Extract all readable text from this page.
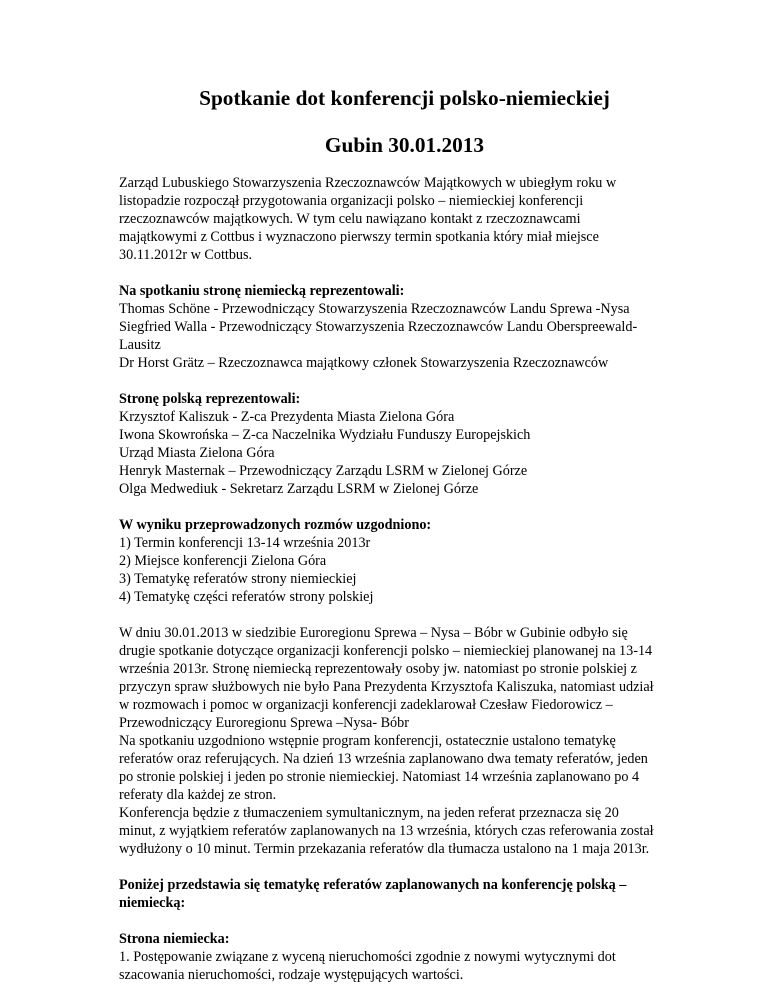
Spotkanie dot konferencji polsko-niemieckiej
Gubin 30.01.2013

Zarząd Lubuskiego Stowarzyszenia Rzeczoznawców Majątkowych w ubiegłym roku w
listopadzie rozpoczął przygotowania organizacji polsko – niemieckiej konferencji
rzeczoznawców majątkowych. W tym celu nawiązano kontakt z rzeczoznawcami
majątkowymi z Cottbus i wyznaczono pierwszy termin spotkania który miał miejsce
30.11.2012r w Cottbus.

Na spotkaniu stronę niemiecką reprezentowali:
Thomas Schöne - Przewodniczący Stowarzyszenia Rzeczoznawców Landu Sprewa -Nysa
Siegfried Walla - Przewodniczący Stowarzyszenia Rzeczoznawców Landu Oberspreewald-
Lausitz
Dr Horst Grätz – Rzeczoznawca majątkowy członek Stowarzyszenia Rzeczoznawców

Stronę polską reprezentowali:
Krzysztof Kaliszuk - Z-ca Prezydenta Miasta Zielona Góra
Iwona Skowrońska – Z-ca Naczelnika Wydziału Funduszy Europejskich
Urząd Miasta Zielona Góra
Henryk Masternak – Przewodniczący Zarządu LSRM w Zielonej Górze
Olga Medwediuk - Sekretarz Zarządu LSRM w Zielonej Górze

W wyniku przeprowadzonych rozmów uzgodniono:
1) Termin konferencji 13-14 września 2013r
2) Miejsce konferencji Zielona Góra
3) Tematykę referatów strony niemieckiej
4) Tematykę części referatów strony polskiej

W dniu 30.01.2013 w siedzibie Euroregionu Sprewa – Nysa – Bóbr w Gubinie odbyło się
drugie spotkanie dotyczące organizacji konferencji polsko – niemieckiej planowanej na 13-14
września 2013r. Stronę niemiecką reprezentowały osoby jw. natomiast po stronie polskiej z
przyczyn spraw służbowych nie było Pana Prezydenta Krzysztofa Kaliszuka, natomiast udział
w rozmowach i pomoc w organizacji konferencji zadeklarował Czesław Fiedorowicz –
Przewodniczący Euroregionu Sprewa –Nysa- Bóbr
Na spotkaniu uzgodniono wstępnie program konferencji, ostatecznie ustalono tematykę
referatów oraz referujących. Na dzień 13 września zaplanowano dwa tematy referatów, jeden
po stronie polskiej i jeden po stronie niemieckiej. Natomiast 14 września zaplanowano po 4
referaty dla każdej ze stron.
Konferencja będzie z tłumaczeniem symultanicznym, na jeden referat przeznacza się 20
minut, z wyjątkiem referatów zaplanowanych na 13 września, których czas referowania został
wydłużony o 10 minut. Termin przekazania referatów dla tłumacza ustalono na 1 maja 2013r.

Poniżej przedstawia się tematykę referatów zaplanowanych na konferencję polską –
niemiecką:

Strona niemiecka:
1. Postępowanie związane z wyceną nieruchomości zgodnie z nowymi wytycznymi dot
szacowania nieruchomości, rodzaje występujących wartości.
